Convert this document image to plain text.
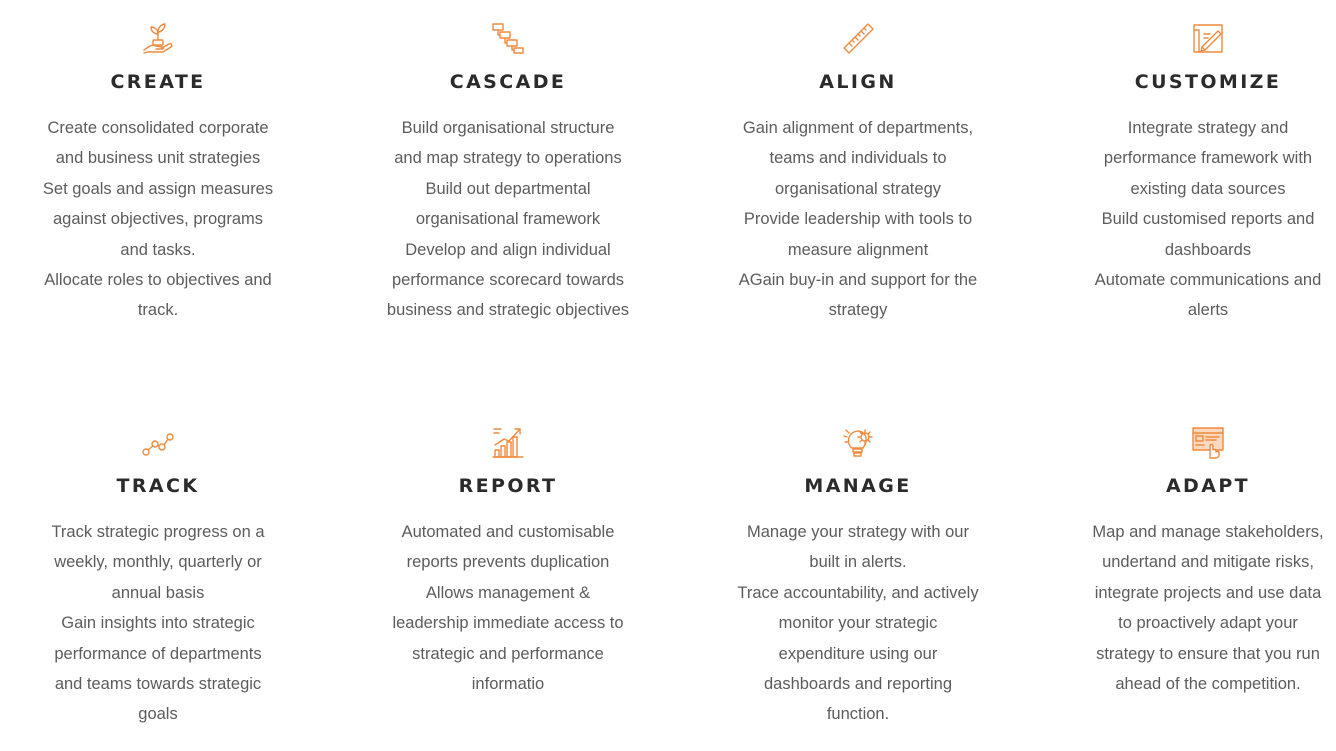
CREATE
Create consolidated corporate
and business unit strategies
Set goals and assign measures
against objectives, programs
and tasks.
Allocate roles to objectives and
track.
CASCADE
Build organisational structure
and map strategy to operations
Build out departmental
organisational framework
Develop and align individual
performance scorecard towards
business and strategic objectives
ALIGN
Gain alignment of departments,
teams and individuals to
organisational strategy
Provide leadership with tools to
measure alignment
AGain buy-in and support for the
strategy
CUSTOMIZE
Integrate strategy and
performance framework with
existing data sources
Build customised reports and
dashboards
Automate communications and
alerts
TRACK
Track strategic progress on a
weekly, monthly, quarterly or
annual basis
Gain insights into strategic
performance of departments
and teams towards strategic
goals
REPORT
Automated and customisable
reports prevents duplication
Allows management &
leadership immediate access to
strategic and performance
informatio
MANAGE
Manage your strategy with our
built in alerts.
Trace accountability, and actively
monitor your strategic
expenditure using our
dashboards and reporting
function.
ADAPT
Map and manage stakeholders,
undertand and mitigate risks,
integrate projects and use data
to proactively adapt your
strategy to ensure that you run
ahead of the competition.
